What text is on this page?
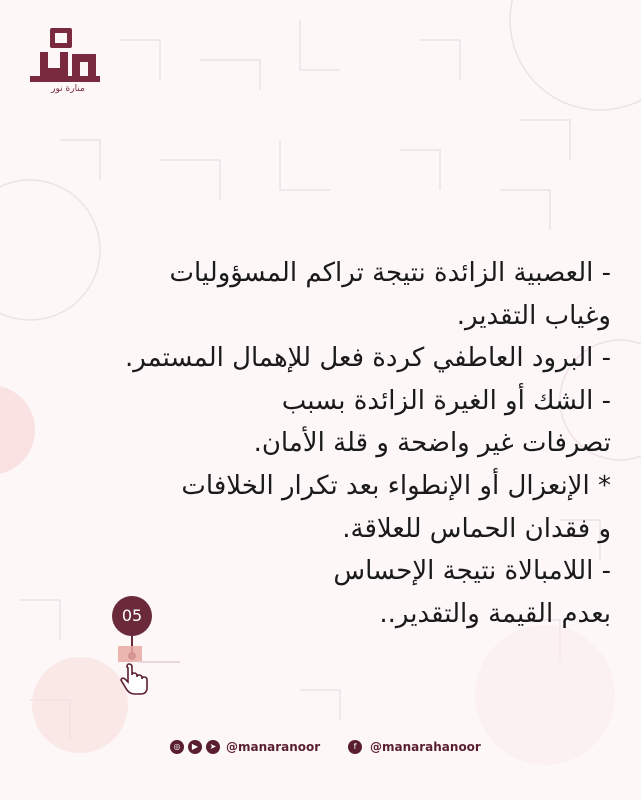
منارة نور
- العصبية الزائدة نتيجة تراكم المسؤوليات
وغياب التقدير.
- البرود العاطفي كردة فعل للإهمال المستمر.
- الشك أو الغيرة الزائدة بسبب
تصرفات غير واضحة و قلة الأمان.
* الإنعزال أو الإنطواء بعد تكرار الخلافات
و فقدان الحماس للعلاقة.
- اللامبالاة نتيجة الإحساس
بعدم القيمة والتقدير..
05
◎	▶	➤ @manaranoor	f	@manarahanoor
